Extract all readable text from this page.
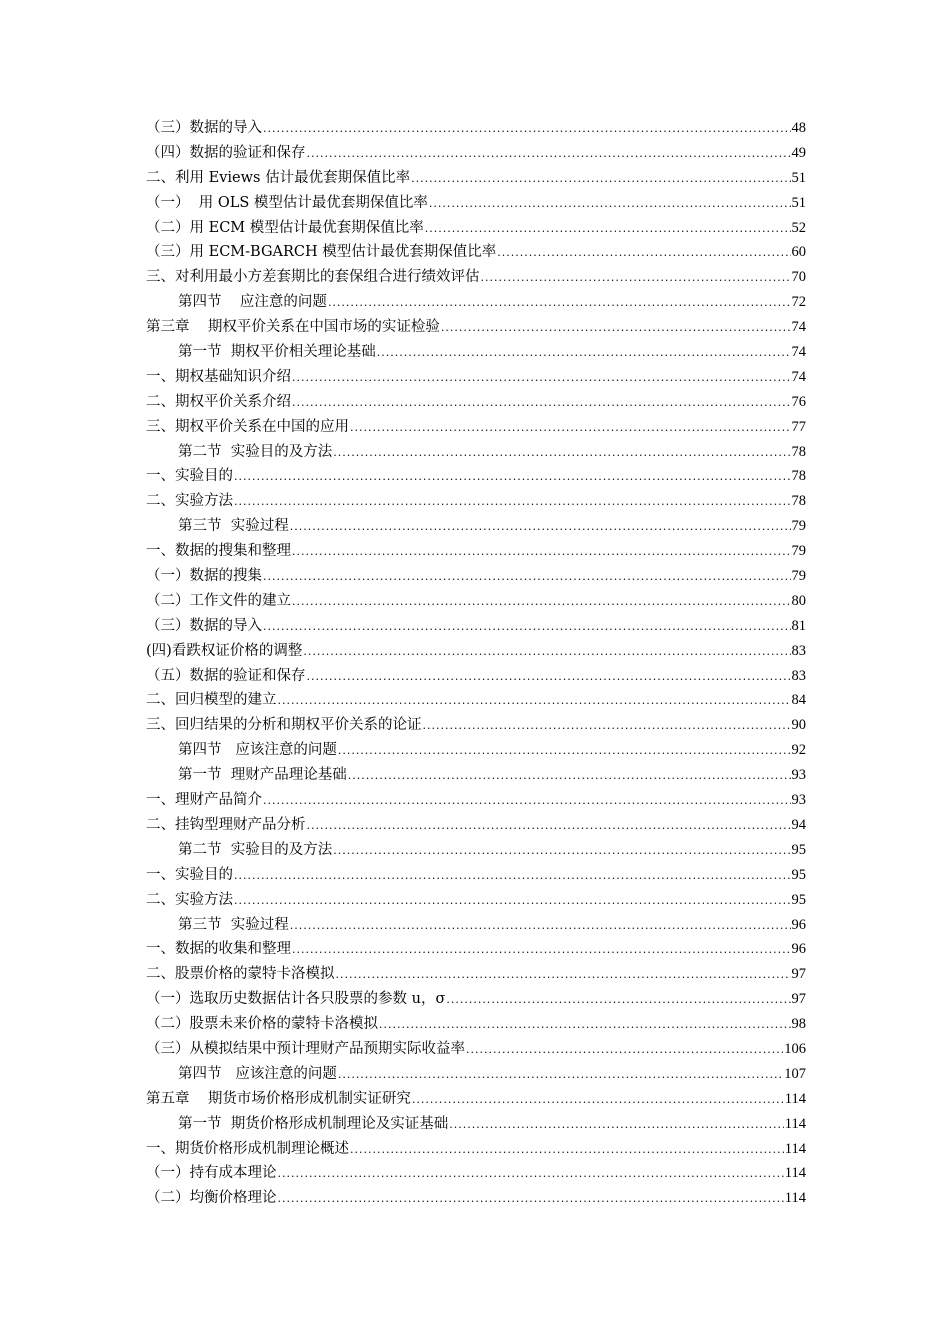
（三）数据的导入 .....	48
（四）数据的验证和保存 .....	49
二、利用 Eviews 估计最优套期保值比率 .....	51
（一）  用 OLS 模型估计最优套期保值比率 .....	51
（二）用 ECM 模型估计最优套期保值比率 .....	52
（三）用 ECM-BGARCH 模型估计最优套期保值比率 .....	60
三、对利用最小方差套期比的套保组合进行绩效评估 .....	70
第四节    应注意的问题 .....	72
第三章    期权平价关系在中国市场的实证检验 .....	74
第一节  期权平价相关理论基础 .....	74
一、期权基础知识介绍 .....	74
二、期权平价关系介绍 .....	76
三、期权平价关系在中国的应用 .....	77
第二节  实验目的及方法 .....	78
一、实验目的 .....	78
二、实验方法 .....	78
第三节  实验过程 .....	79
一、数据的搜集和整理 .....	79
（一）数据的搜集 .....	79
（二）工作文件的建立 .....	80
（三）数据的导入 .....	81
(四)看跌权证价格的调整 .....	83
（五）数据的验证和保存 .....	83
二、回归模型的建立 .....	84
三、回归结果的分析和期权平价关系的论证 .....	90
第四节   应该注意的问题 .....	92
第一节  理财产品理论基础 .....	93
一、理财产品简介 .....	93
二、挂钩型理财产品分析 .....	94
第二节  实验目的及方法 .....	95
一、实验目的 .....	95
二、实验方法 .....	95
第三节  实验过程 .....	96
一、数据的收集和整理 .....	96
二、股票价格的蒙特卡洛模拟 .....	97
（一）选取历史数据估计各只股票的参数 u，σ .....	97
（二）股票未来价格的蒙特卡洛模拟 .....	98
（三）从模拟结果中预计理财产品预期实际收益率 .....	106
第四节   应该注意的问题 .....	107
第五章    期货市场价格形成机制实证研究 .....	114
第一节  期货价格形成机制理论及实证基础 .....	114
一、期货价格形成机制理论概述 .....	114
（一）持有成本理论 .....	114
（二）均衡价格理论 .....	114
